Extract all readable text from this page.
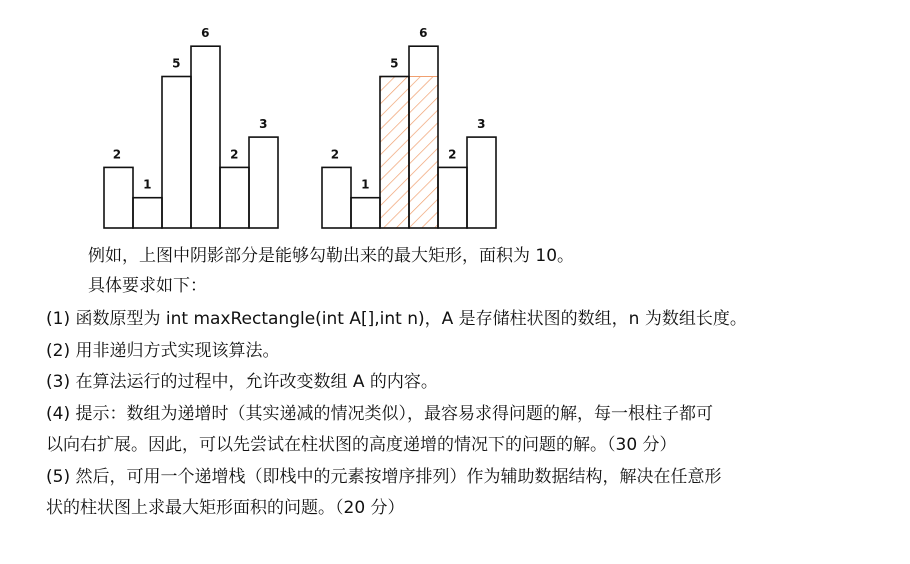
2
1
5
6
2
3
2
1
5
6
2
3
例如，上图中阴影部分是能够勾勒出来的最大矩形，面积为 10。
具体要求如下：
(1) 函数原型为 int maxRectangle(int A[],int n)，A 是存储柱状图的数组，n 为数组长度。
(2) 用非递归方式实现该算法。
(3) 在算法运行的过程中，允许改变数组 A 的内容。
(4) 提示：数组为递增时（其实递减的情况类似），最容易求得问题的解，每一根柱子都可
以向右扩展。因此，可以先尝试在柱状图的高度递增的情况下的问题的解。（30 分）
(5) 然后，可用一个递增栈（即栈中的元素按增序排列）作为辅助数据结构，解决在任意形
状的柱状图上求最大矩形面积的问题。（20 分）
